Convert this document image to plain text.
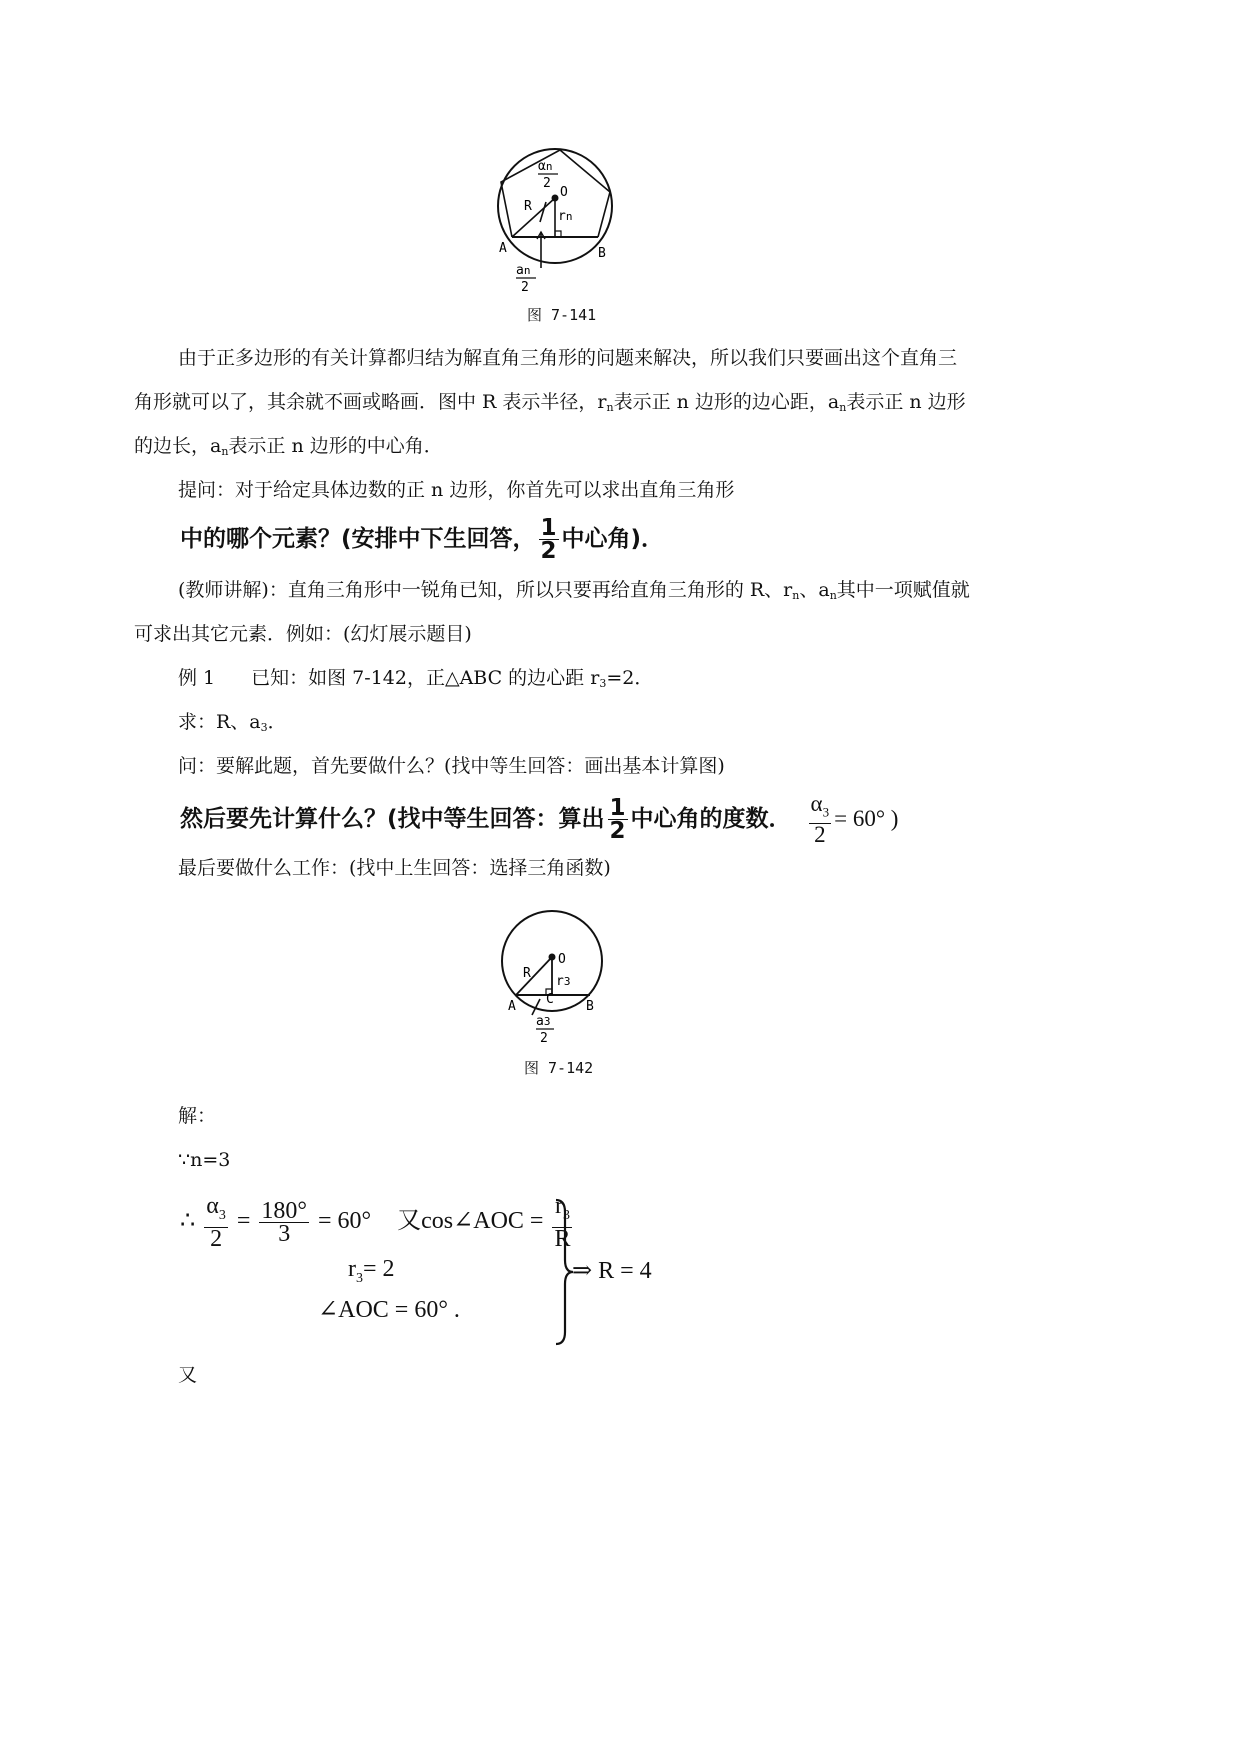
αn
2
O
R
rn
A	B
an
2
图 7-141
由于正多边形的有关计算都归结为解直角三角形的问题来解决，所以我们只要画出这个直角三
角形就可以了，其余就不画或略画．图中 R 表示半径，$r_n$表示正 n 边形的边心距，$a_n$表示正 n 边形
的边长，$a_n$表示正 n 边形的中心角．
提问：对于给定具体边数的正 n 边形，你首先可以求出直角三角形
中的哪个元素？(安排中下生回答， $\frac{1}{2}$ 中心角)．
(教师讲解)：直角三角形中一锐角已知，所以只要再给直角三角形的 R、$r_n$、$a_n$其中一项赋值就
可求出其它元素．例如：(幻灯展示题目)
例 1 已知：如图 7-142，正△ABC 的边心距 $r_3=2$．
求：R、$a_3$．
问：要解此题，首先要做什么？(找中等生回答：画出基本计算图)
然后要先计算什么？(找中等生回答：算出 $\frac{1}{2}$ 中心角的度数． $\frac{\alpha_3}{2} = 60^\circ$ )
最后要做什么工作：(找中上生回答：选择三角函数)
O
R
r3
C
A	B
a3
2
图 7-142
解：
∵n=3
∴ $\frac{\alpha_3}{2} = \frac{180^\circ}{3} = 60^\circ$ 又cos∠AOC = $\frac{r_3}{R}$
$r_3= 2$
∠AOC = 60° .
⇒ R = 4
又
